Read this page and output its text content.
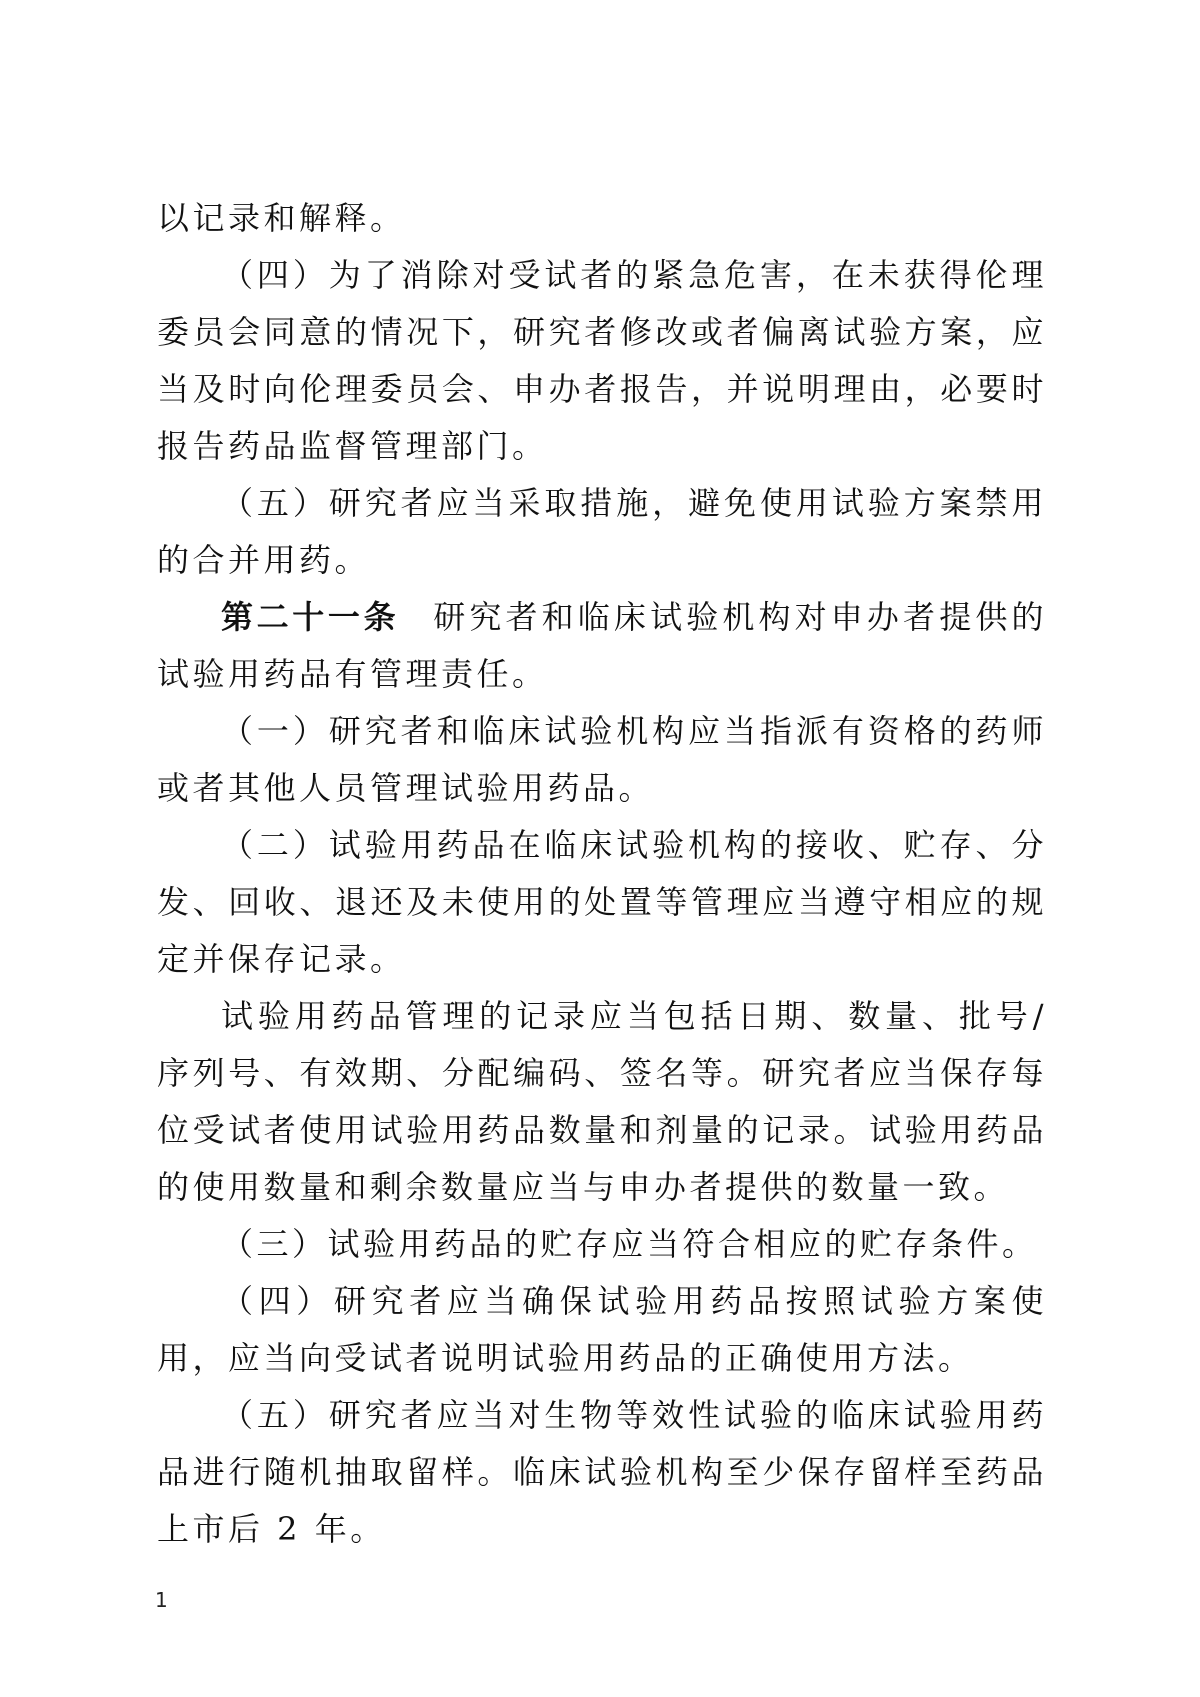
以记录和解释。

（四）为了消除对受试者的紧急危害，在未获得伦理委员会同意的情况下，研究者修改或者偏离试验方案，应当及时向伦理委员会、申办者报告，并说明理由，必要时报告药品监督管理部门。

（五）研究者应当采取措施，避免使用试验方案禁用的合并用药。

第二十一条 研究者和临床试验机构对申办者提供的试验用药品有管理责任。

（一）研究者和临床试验机构应当指派有资格的药师或者其他人员管理试验用药品。

（二）试验用药品在临床试验机构的接收、贮存、分发、回收、退还及未使用的处置等管理应当遵守相应的规定并保存记录。

试验用药品管理的记录应当包括日期、数量、批号/序列号、有效期、分配编码、签名等。研究者应当保存每位受试者使用试验用药品数量和剂量的记录。试验用药品的使用数量和剩余数量应当与申办者提供的数量一致。

（三）试验用药品的贮存应当符合相应的贮存条件。

（四）研究者应当确保试验用药品按照试验方案使用，应当向受试者说明试验用药品的正确使用方法。

（五）研究者应当对生物等效性试验的临床试验用药品进行随机抽取留样。临床试验机构至少保存留样至药品上市后 2 年。

1
